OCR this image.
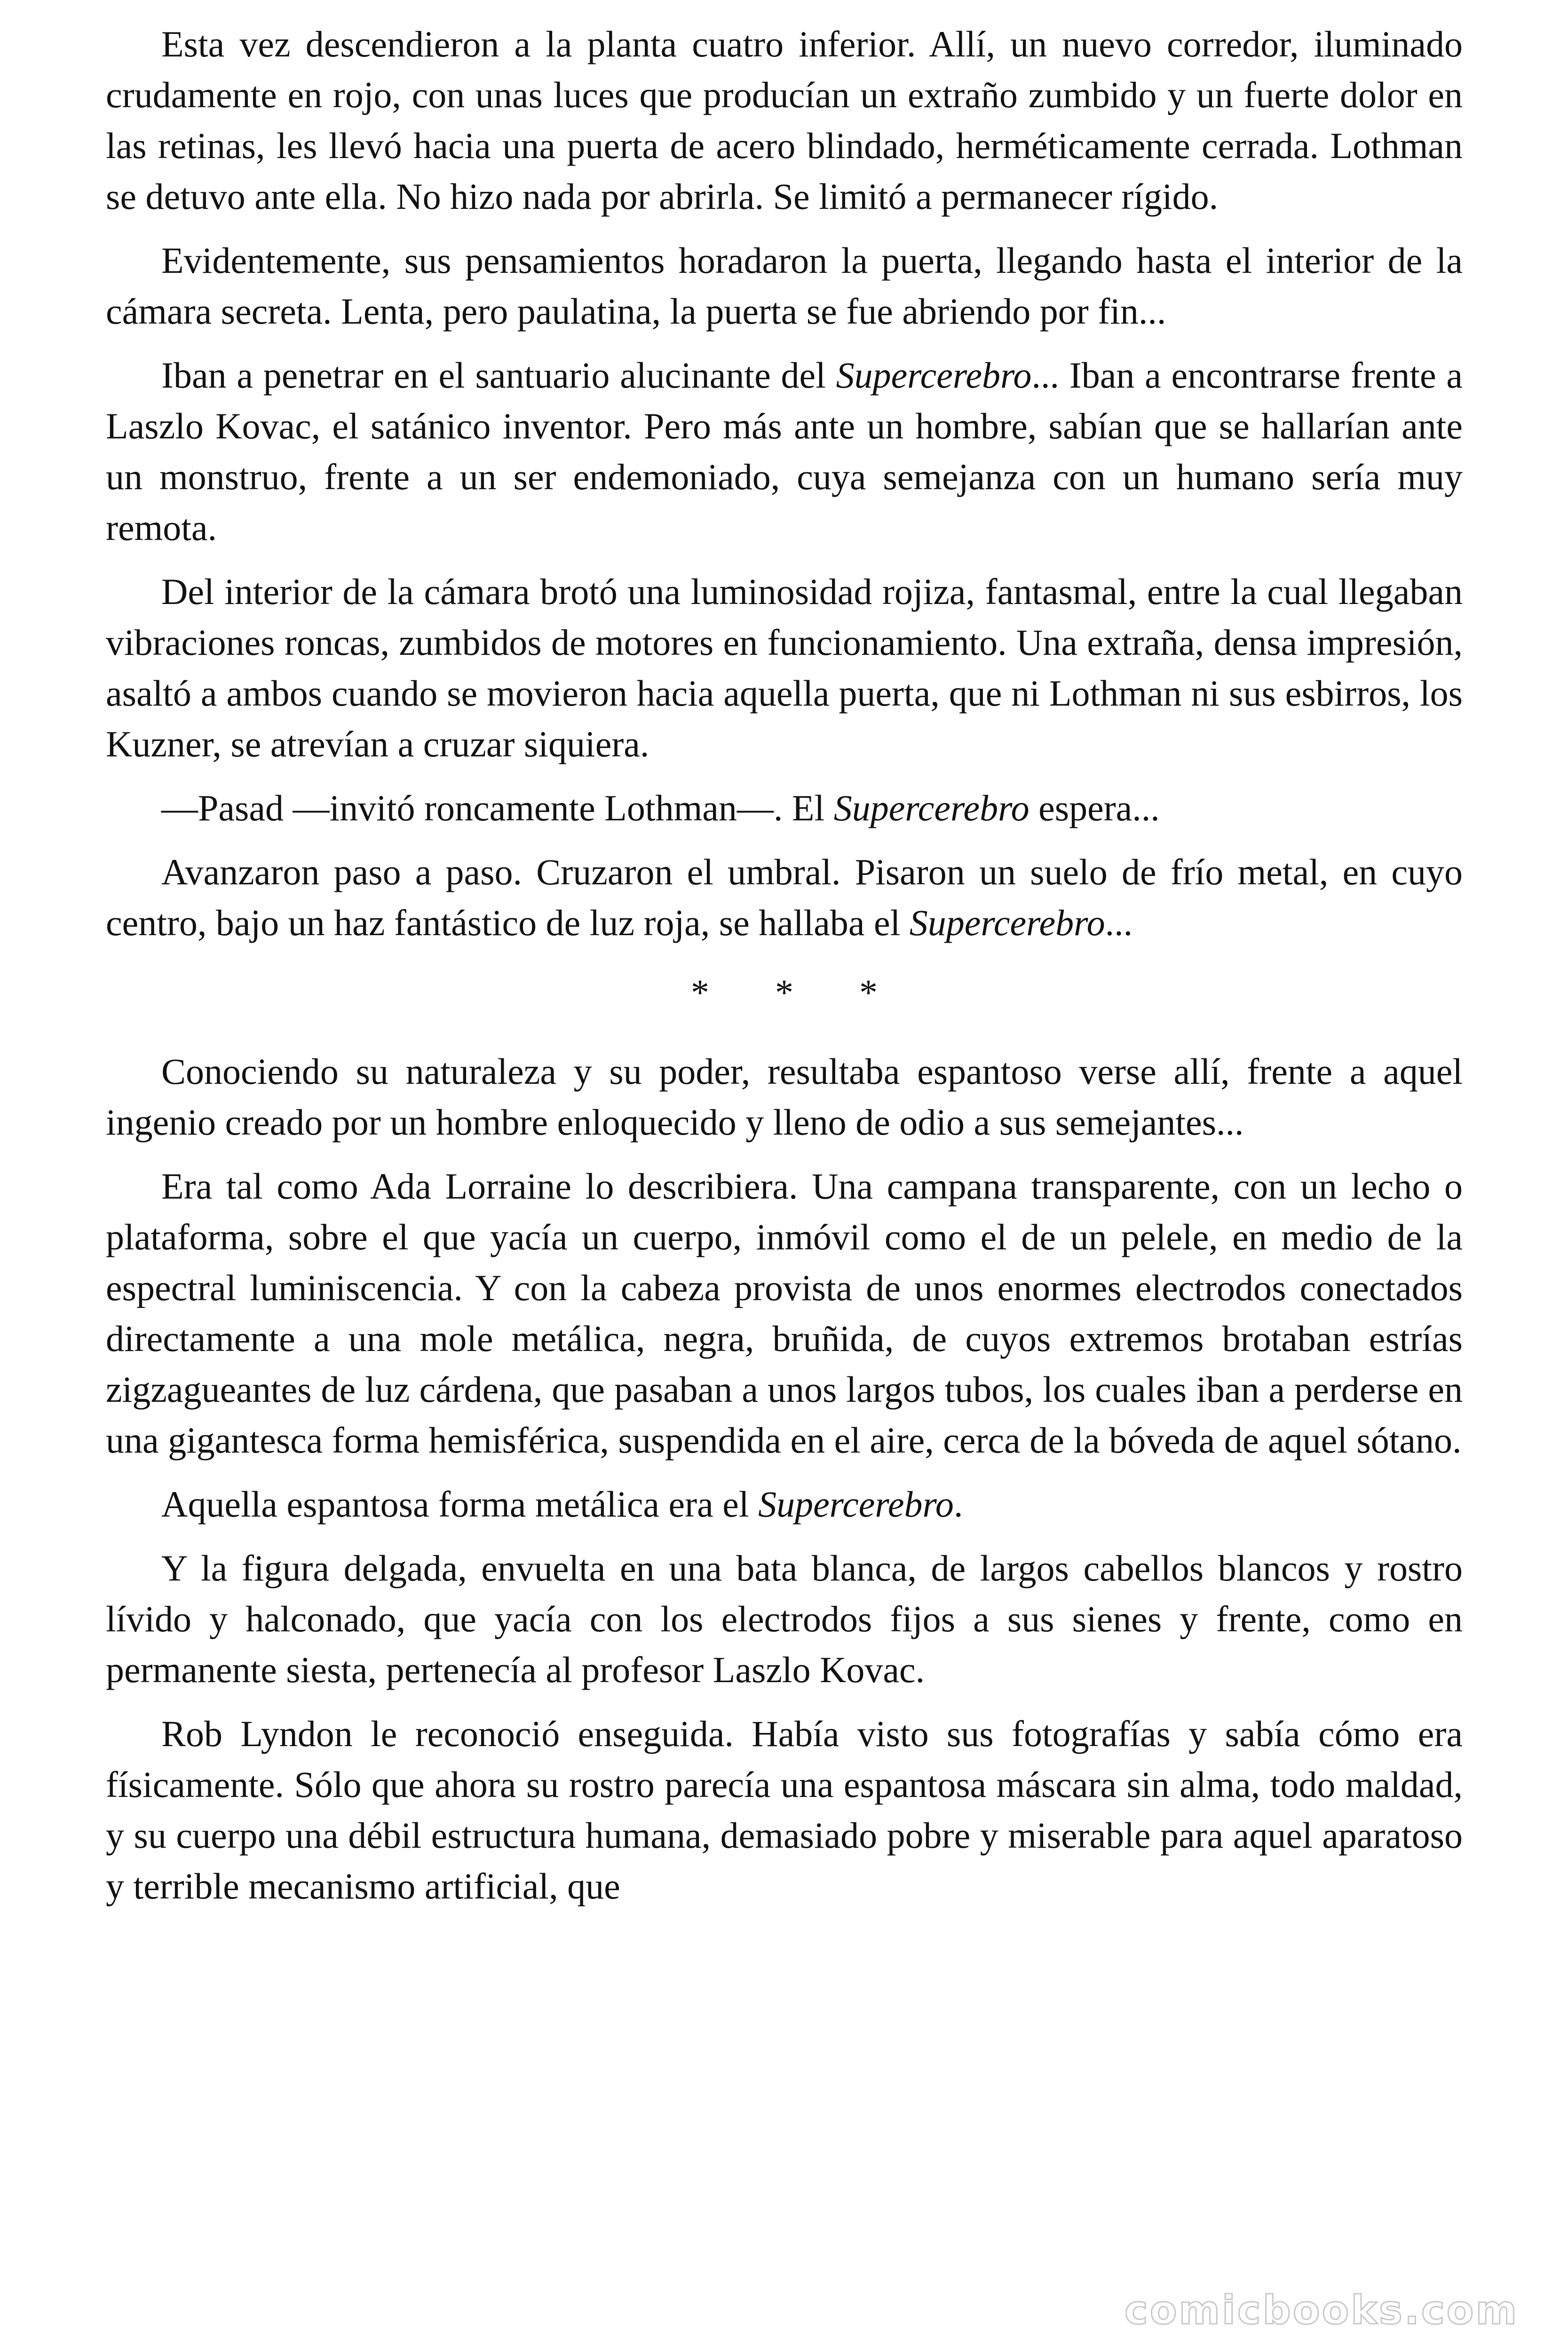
Esta vez descendieron a la planta cuatro inferior. Allí, un nuevo corredor, iluminado crudamente en rojo, con unas luces que producían un extraño zumbido y un fuerte dolor en las retinas, les llevó hacia una puerta de acero blindado, herméticamente cerrada. Lothman se detuvo ante ella. No hizo nada por abrirla. Se limitó a permanecer rígido.

Evidentemente, sus pensamientos horadaron la puerta, llegando hasta el interior de la cámara secreta. Lenta, pero paulatina, la puerta se fue abriendo por fin...

Iban a penetrar en el santuario alucinante del Supercerebro... Iban a encontrarse frente a Laszlo Kovac, el satánico inventor. Pero más ante un hombre, sabían que se hallarían ante un monstruo, frente a un ser endemoniado, cuya semejanza con un humano sería muy remota.

Del interior de la cámara brotó una luminosidad rojiza, fantasmal, entre la cual llegaban vibraciones roncas, zumbidos de motores en funcionamiento. Una extraña, densa impresión, asaltó a ambos cuando se movieron hacia aquella puerta, que ni Lothman ni sus esbirros, los Kuzner, se atrevían a cruzar siquiera.

—Pasad —invitó roncamente Lothman—. El Supercerebro espera...

Avanzaron paso a paso. Cruzaron el umbral. Pisaron un suelo de frío metal, en cuyo centro, bajo un haz fantástico de luz roja, se hallaba el Supercerebro...

* * *

Conociendo su naturaleza y su poder, resultaba espantoso verse allí, frente a aquel ingenio creado por un hombre enloquecido y lleno de odio a sus semejantes...

Era tal como Ada Lorraine lo describiera. Una campana transparente, con un lecho o plataforma, sobre el que yacía un cuerpo, inmóvil como el de un pelele, en medio de la espectral luminiscencia. Y con la cabeza provista de unos enormes electrodos conectados directamente a una mole metálica, negra, bruñida, de cuyos extremos brotaban estrías zigzagueantes de luz cárdena, que pasaban a unos largos tubos, los cuales iban a perderse en una gigantesca forma hemisférica, suspendida en el aire, cerca de la bóveda de aquel sótano.

Aquella espantosa forma metálica era el Supercerebro.

Y la figura delgada, envuelta en una bata blanca, de largos cabellos blancos y rostro lívido y halconado, que yacía con los electrodos fijos a sus sienes y frente, como en permanente siesta, pertenecía al profesor Laszlo Kovac.

Rob Lyndon le reconoció enseguida. Había visto sus fotografías y sabía cómo era físicamente. Sólo que ahora su rostro parecía una espantosa máscara sin alma, todo maldad, y su cuerpo una débil estructura humana, demasiado pobre y miserable para aquel aparatoso y terrible mecanismo artificial, que

comicbooks.com
